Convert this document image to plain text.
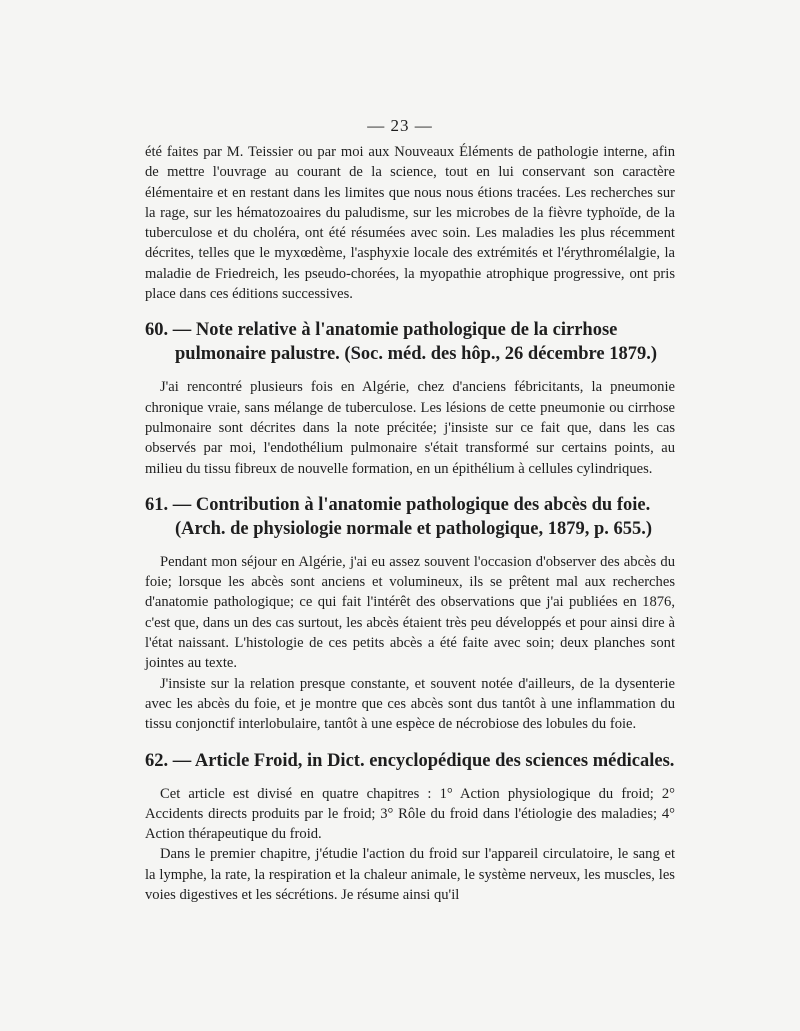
— 23 —

été faites par M. Teissier ou par moi aux Nouveaux Éléments de pathologie interne, afin de mettre l'ouvrage au courant de la science, tout en lui conservant son caractère élémentaire et en restant dans les limites que nous nous étions tracées. Les recherches sur la rage, sur les hématozoaires du paludisme, sur les microbes de la fièvre typhoïde, de la tuberculose et du choléra, ont été résumées avec soin. Les maladies les plus récemment décrites, telles que le myxœdème, l'asphyxie locale des extrémités et l'érythromélalgie, la maladie de Friedreich, les pseudo-chorées, la myopathie atrophique progressive, ont pris place dans ces éditions successives.

60. — Note relative à l'anatomie pathologique de la cirrhose
pulmonaire palustre. (Soc. méd. des hôp., 26 décembre 1879.)

J'ai rencontré plusieurs fois en Algérie, chez d'anciens fébricitants, la pneumonie chronique vraie, sans mélange de tuberculose. Les lésions de cette pneumonie ou cirrhose pulmonaire sont décrites dans la note précitée; j'insiste sur ce fait que, dans les cas observés par moi, l'endothélium pulmonaire s'était transformé sur certains points, au milieu du tissu fibreux de nouvelle formation, en un épithélium à cellules cylindriques.

61. — Contribution à l'anatomie pathologique des abcès du foie.
(Arch. de physiologie normale et pathologique, 1879, p. 655.)

Pendant mon séjour en Algérie, j'ai eu assez souvent l'occasion d'observer des abcès du foie; lorsque les abcès sont anciens et volumineux, ils se prêtent mal aux recherches d'anatomie pathologique; ce qui fait l'intérêt des observations que j'ai publiées en 1876, c'est que, dans un des cas surtout, les abcès étaient très peu développés et pour ainsi dire à l'état naissant. L'histologie de ces petits abcès a été faite avec soin; deux planches sont jointes au texte.

J'insiste sur la relation presque constante, et souvent notée d'ailleurs, de la dysenterie avec les abcès du foie, et je montre que ces abcès sont dus tantôt à une inflammation du tissu conjonctif interlobulaire, tantôt à une espèce de nécrobiose des lobules du foie.

62. — Article Froid, in Dict. encyclopédique des sciences médicales.

Cet article est divisé en quatre chapitres : 1° Action physiologique du froid; 2° Accidents directs produits par le froid; 3° Rôle du froid dans l'étiologie des maladies; 4° Action thérapeutique du froid.

Dans le premier chapitre, j'étudie l'action du froid sur l'appareil circulatoire, le sang et la lymphe, la rate, la respiration et la chaleur animale, le système nerveux, les muscles, les voies digestives et les sécrétions. Je résume ainsi qu'il
